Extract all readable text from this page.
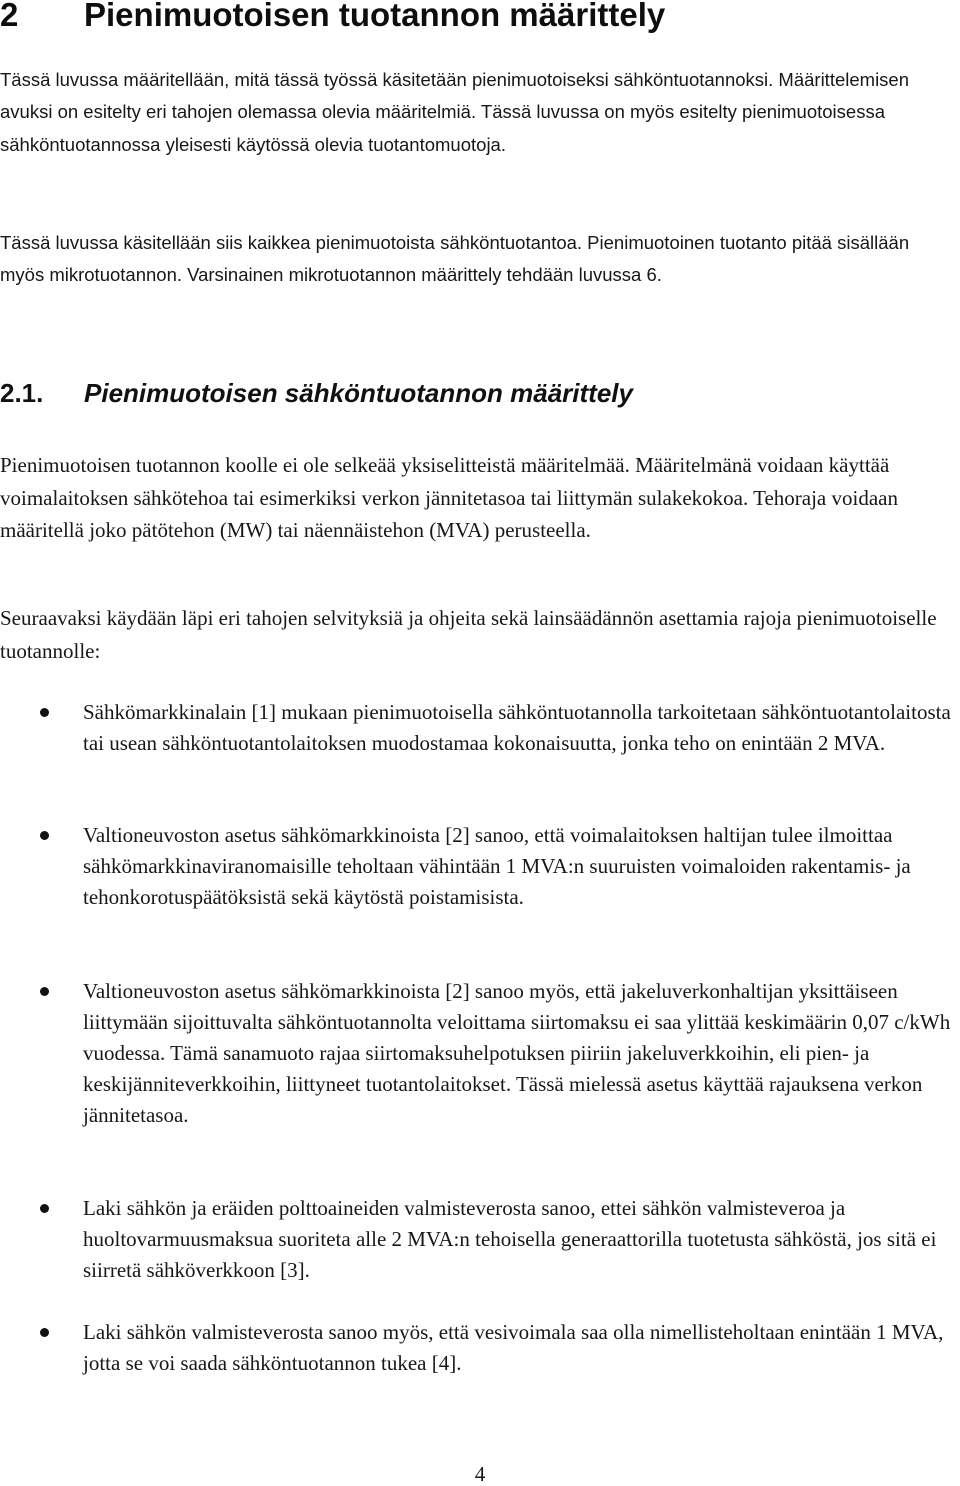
2 Pienimuotoisen tuotannon määrittely

Tässä luvussa määritellään, mitä tässä työssä käsitetään pienimuotoiseksi sähköntuotannoksi. Määrittelemisen avuksi on esitelty eri tahojen olemassa olevia määritelmiä. Tässä luvussa on myös esitelty pienimuotoisessa sähköntuotannossa yleisesti käytössä olevia tuotantomuotoja.

Tässä luvussa käsitellään siis kaikkea pienimuotoista sähköntuotantoa. Pienimuotoinen tuotanto pitää sisällään myös mikrotuotannon. Varsinainen mikrotuotannon määrittely tehdään luvussa 6.

2.1. Pienimuotoisen sähköntuotannon määrittely

Pienimuotoisen tuotannon koolle ei ole selkeää yksiselitteistä määritelmää. Määritelmänä voidaan käyttää voimalaitoksen sähkötehoa tai esimerkiksi verkon jännitetasoa tai liittymän sulakekokoa. Tehoraja voidaan määritellä joko pätötehon (MW) tai näennäistehon (MVA) perusteella.

Seuraavaksi käydään läpi eri tahojen selvityksiä ja ohjeita sekä lainsäädännön asettamia rajoja pienimuotoiselle tuotannolle:

Sähkömarkkinalain [1] mukaan pienimuotoisella sähköntuotannolla tarkoitetaan sähköntuotantolaitosta tai usean sähköntuotantolaitoksen muodostamaa kokonaisuutta, jonka teho on enintään 2 MVA.

Valtioneuvoston asetus sähkömarkkinoista [2] sanoo, että voimalaitoksen haltijan tulee ilmoittaa sähkömarkkinaviranomaisille teholtaan vähintään 1 MVA:n suuruisten voimaloiden rakentamis- ja tehonkorotuspäätöksistä sekä käytöstä poistamisista.

Valtioneuvoston asetus sähkömarkkinoista [2] sanoo myös, että jakeluverkonhaltijan yksittäiseen liittymään sijoittuvalta sähköntuotannolta veloittama siirtomaksu ei saa ylittää keskimäärin 0,07 c/kWh vuodessa. Tämä sanamuoto rajaa siirtomaksuhelpotuksen piiriin jakeluverkkoihin, eli pien- ja keskijänniteverkkoihin, liittyneet tuotantolaitokset. Tässä mielessä asetus käyttää rajauksena verkon jännitetasoa.

Laki sähkön ja eräiden polttoaineiden valmisteverosta sanoo, ettei sähkön valmisteveroa ja huoltovarmuusmaksua suoriteta alle 2 MVA:n tehoisella generaattorilla tuotetusta sähköstä, jos sitä ei siirretä sähköverkkoon [3].

Laki sähkön valmisteverosta sanoo myös, että vesivoimala saa olla nimellisteholtaan enintään 1 MVA, jotta se voi saada sähköntuotannon tukea [4].

4
